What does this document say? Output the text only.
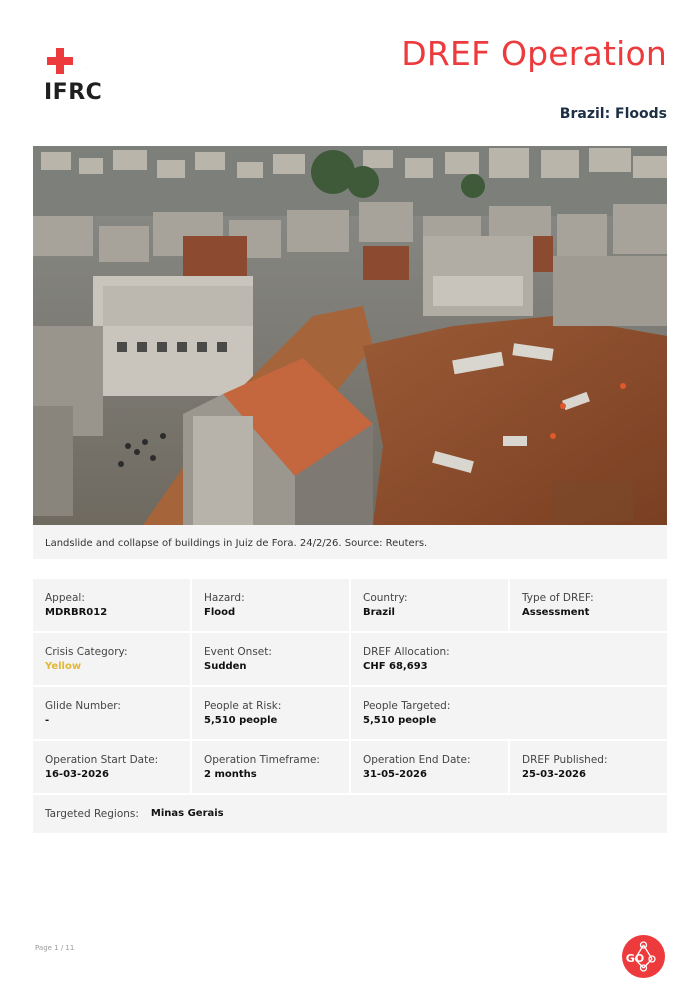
IFRC
DREF Operation
Brazil: Floods
Landslide and collapse of buildings in Juiz de Fora. 24/2/26. Source: Reuters.
Appeal:
MDRBR012
Hazard:
Flood
Country:
Brazil
Type of DREF:
Assessment
Crisis Category:
Yellow
Event Onset:
Sudden
DREF Allocation:
CHF 68,693
Glide Number:
-
People at Risk:
5,510 people
People Targeted:
5,510 people
Operation Start Date:
16-03-2026
Operation Timeframe:
2 months
Operation End Date:
31-05-2026
DREF Published:
25-03-2026
Targeted Regions: Minas Gerais
Page 1 / 11
GO
